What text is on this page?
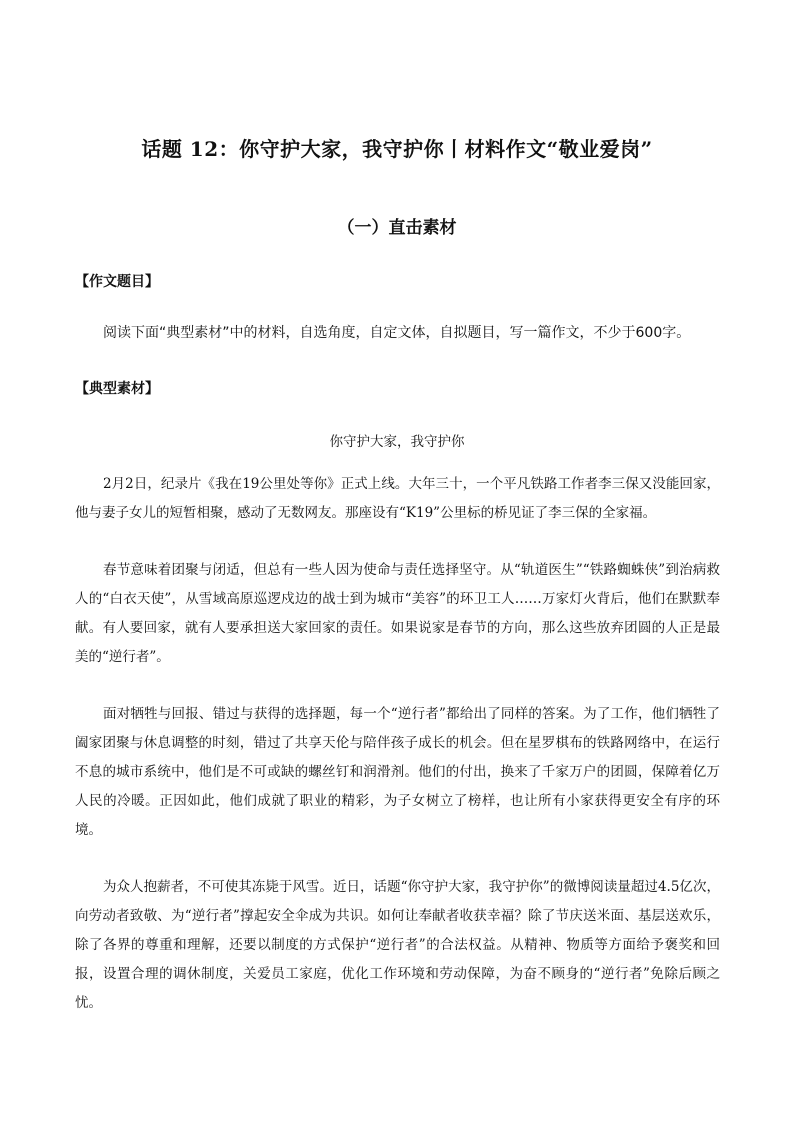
话题 12：你守护大家，我守护你丨材料作文“敬业爱岗”
（一）直击素材
【作文题目】

阅读下面“典型素材”中的材料，自选角度，自定文体，自拟题目，写一篇作文，不少于600字。

【典型素材】
你守护大家，我守护你

2月2日，纪录片《我在19公里处等你》正式上线。大年三十，一个平凡铁路工作者李三保又没能回家，他与妻子女儿的短暂相聚，感动了无数网友。那座设有“K19”公里标的桥见证了李三保的全家福。

春节意味着团聚与闭适，但总有一些人因为使命与责任选择坚守。从“轨道医生”“铁路蜘蛛侠”到治病救人的“白衣天使”，从雪域高原巡逻戍边的战士到为城市“美容”的环卫工人……万家灯火背后，他们在默默奉献。有人要回家，就有人要承担送大家回家的责任。如果说家是春节的方向，那么这些放弃团圆的人正是最美的“逆行者”。

面对牺牲与回报、错过与获得的选择题，每一个“逆行者”都给出了同样的答案。为了工作，他们牺牲了阖家团聚与休息调整的时刻，错过了共享天伦与陪伴孩子成长的机会。但在星罗棋布的铁路网络中，在运行不息的城市系统中，他们是不可或缺的螺丝钉和润滑剂。他们的付出，换来了千家万户的团圆，保障着亿万人民的冷暖。正因如此，他们成就了职业的精彩，为子女树立了榜样，也让所有小家获得更安全有序的环境。

为众人抱薪者，不可使其冻毙于风雪。近日，话题“你守护大家，我守护你”的微博阅读量超过4.5亿次，向劳动者致敬、为“逆行者”撑起安全伞成为共识。如何让奉献者收获幸福？除了节庆送米面、基层送欢乐，除了各界的尊重和理解，还要以制度的方式保护“逆行者”的合法权益。从精神、物质等方面给予褒奖和回报，设置合理的调休制度，关爱员工家庭，优化工作环境和劳动保障，为奋不顾身的“逆行者”免除后顾之忧。
